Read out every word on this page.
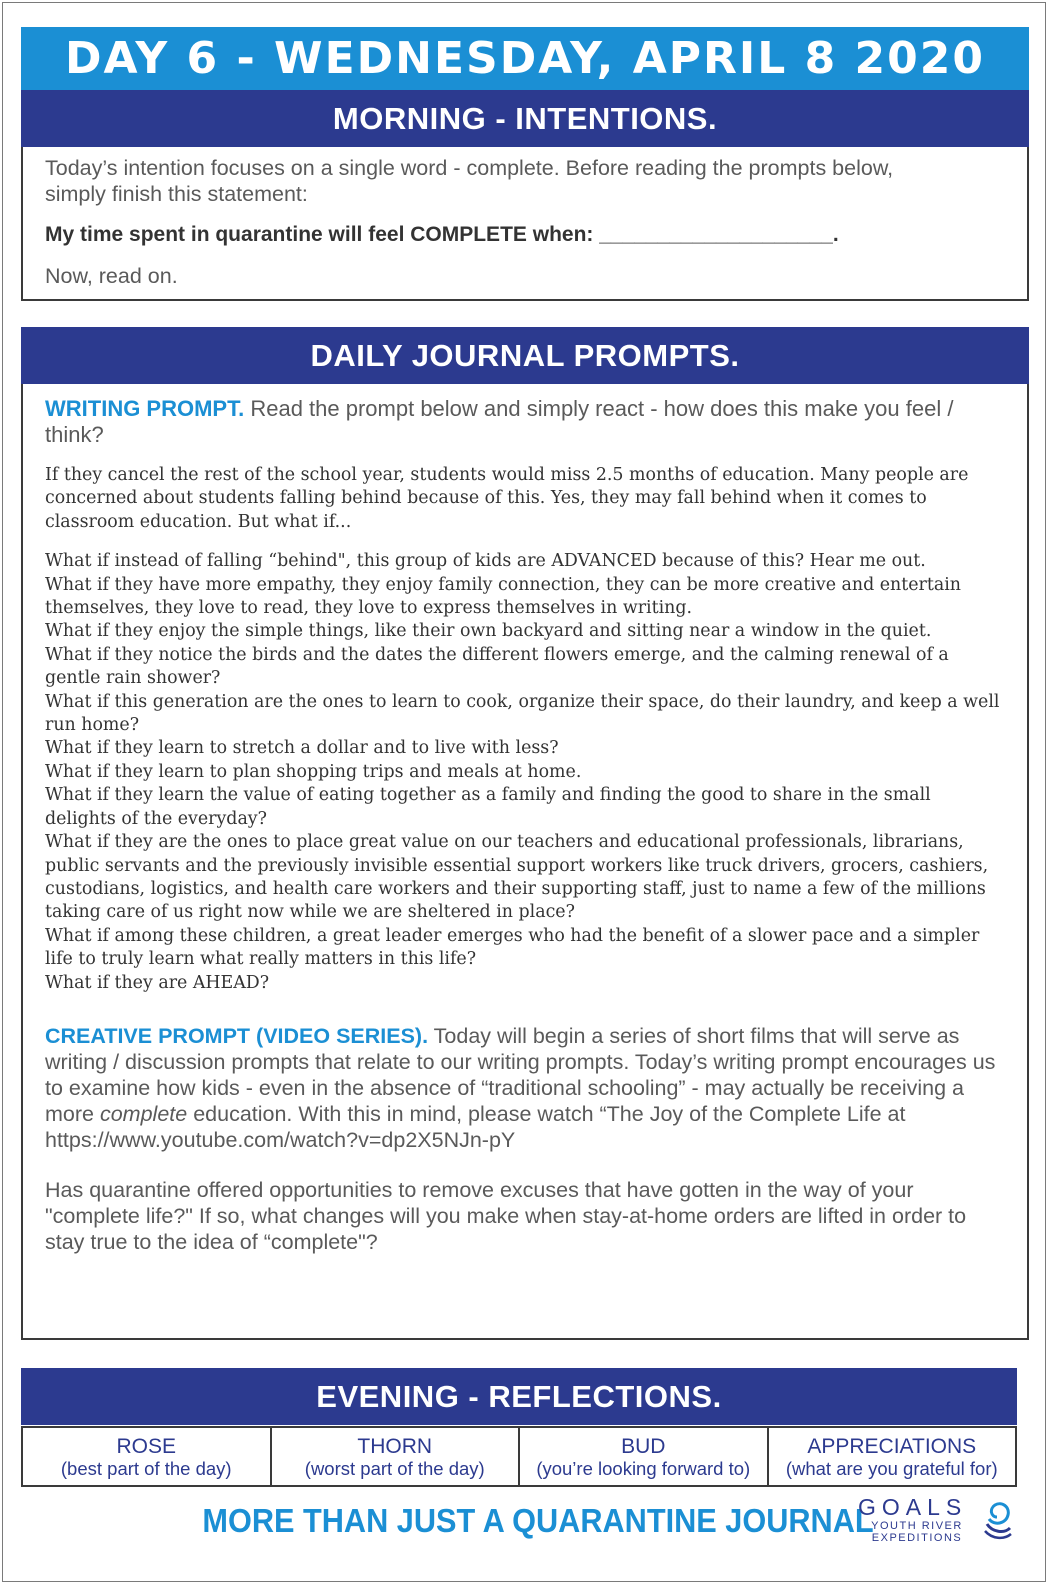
DAY 6 - WEDNESDAY, APRIL 8 2020
MORNING - INTENTIONS.

Today’s intention focuses on a single word - complete. Before reading the prompts below, simply finish this statement:

My time spent in quarantine will feel COMPLETE when: ____________________.

Now, read on.

DAILY JOURNAL PROMPTS.
WRITING PROMPT. Read the prompt below and simply react - how does this make you feel / think?

If they cancel the rest of the school year, students would miss 2.5 months of education. Many people are concerned about students falling behind because of this. Yes, they may fall behind when it comes to classroom education. But what if...

What if instead of falling “behind", this group of kids are ADVANCED because of this? Hear me out.

What if they have more empathy, they enjoy family connection, they can be more creative and entertain themselves, they love to read, they love to express themselves in writing.

What if they enjoy the simple things, like their own backyard and sitting near a window in the quiet.

What if they notice the birds and the dates the different flowers emerge, and the calming renewal of a gentle rain shower?

What if this generation are the ones to learn to cook, organize their space, do their laundry, and keep a well run home?

What if they learn to stretch a dollar and to live with less?

What if they learn to plan shopping trips and meals at home.

What if they learn the value of eating together as a family and finding the good to share in the small delights of the everyday?

What if they are the ones to place great value on our teachers and educational professionals, librarians, public servants and the previously invisible essential support workers like truck drivers, grocers, cashiers, custodians, logistics, and health care workers and their supporting staff, just to name a few of the millions taking care of us right now while we are sheltered in place?

What if among these children, a great leader emerges who had the benefit of a slower pace and a simpler life to truly learn what really matters in this life?

What if they are AHEAD?

CREATIVE PROMPT (VIDEO SERIES). Today will begin a series of short films that will serve as writing / discussion prompts that relate to our writing prompts. Today’s writing prompt encourages us to examine how kids - even in the absence of “traditional schooling” - may actually be receiving a more complete education. With this in mind, please watch “The Joy of the Complete Life at https://www.youtube.com/watch?v=dp2X5NJn-pY
Has quarantine offered opportunities to remove excuses that have gotten in the way of your "complete life?" If so, what changes will you make when stay-at-home orders are lifted in order to stay true to the idea of “complete"?
EVENING - REFLECTIONS.
ROSE
(best part of the day)
THORN
(worst part of the day)
BUD
(you’re looking forward to)
APPRECIATIONS
(what are you grateful for)
MORE THAN JUST A QUARANTINE JOURNAL
GOALS
YOUTH RIVER
EXPEDITIONS
